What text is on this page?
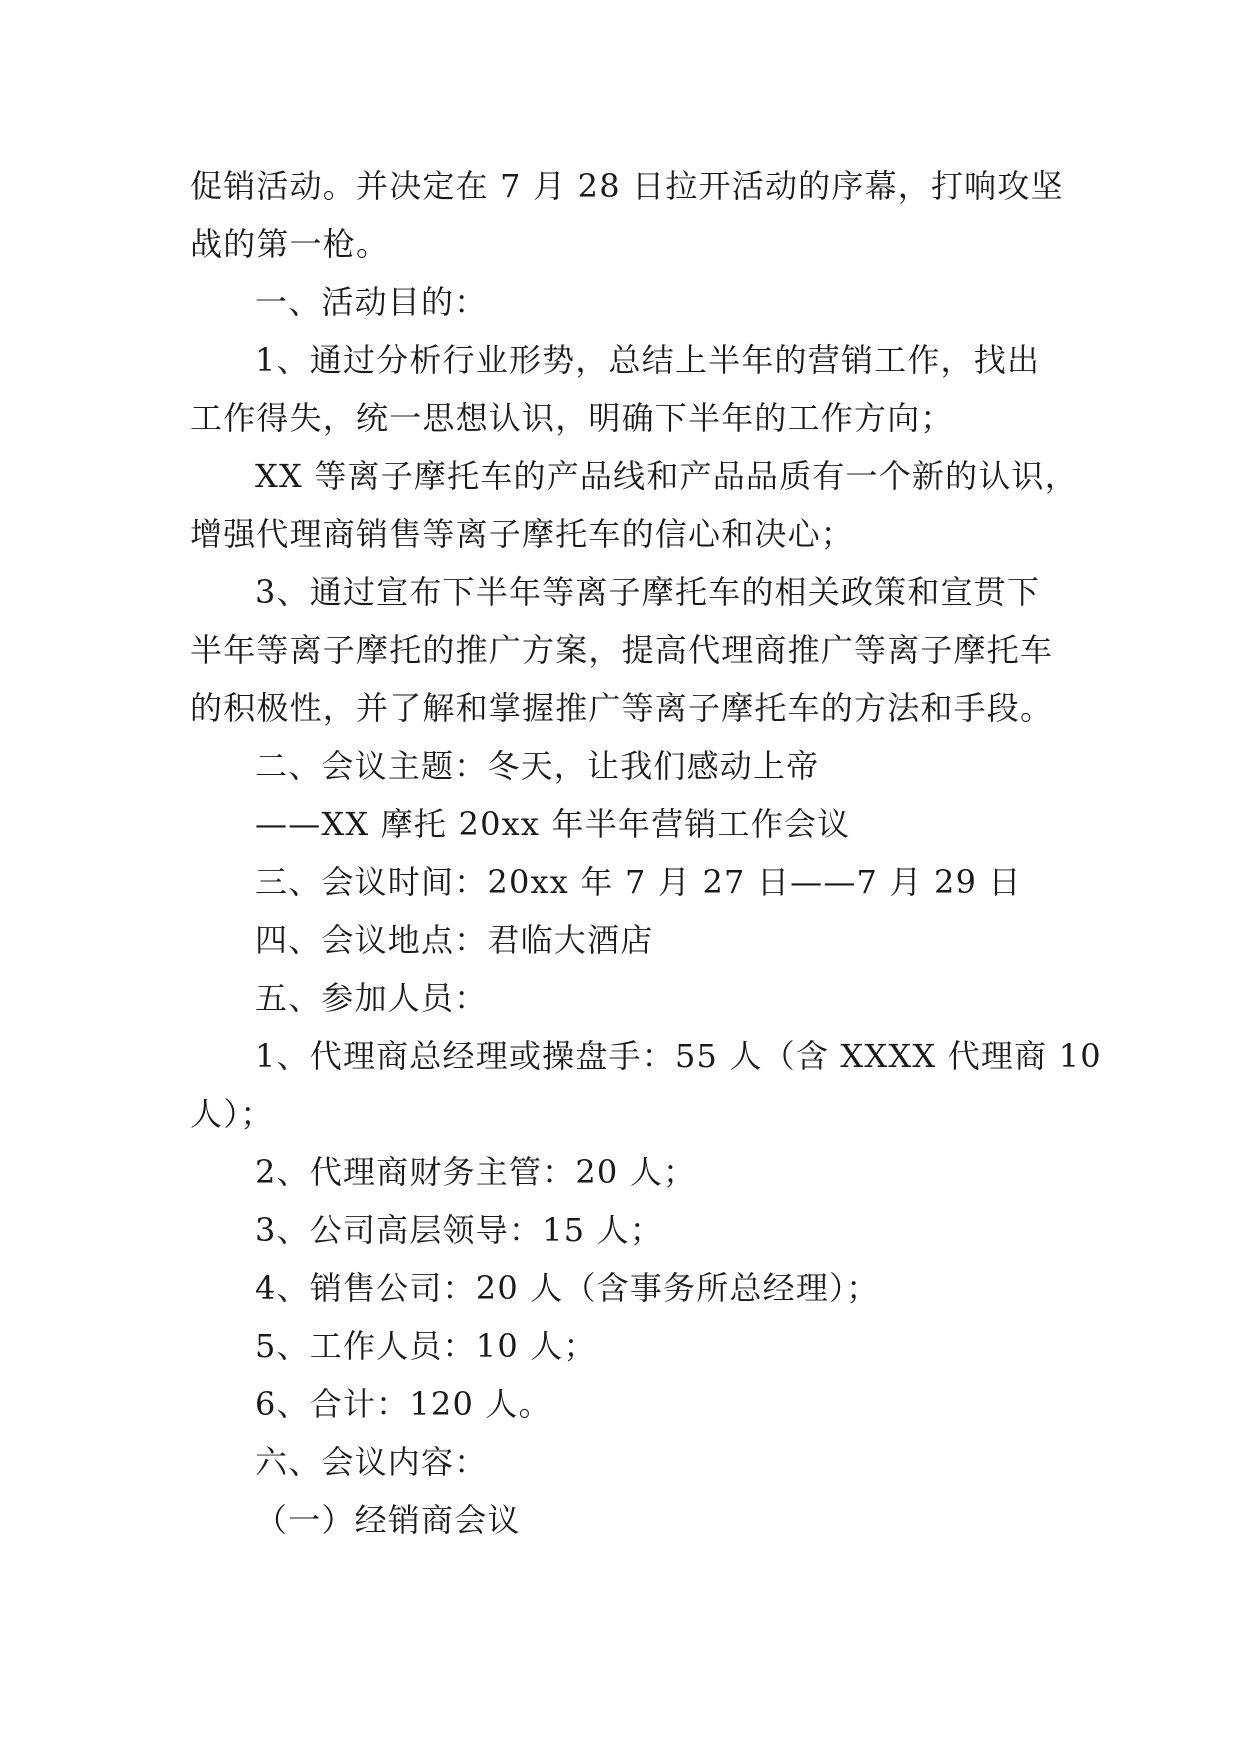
促销活动。并决定在 7 月 28 日拉开活动的序幕，打响攻坚
战的第一枪。
一、活动目的：
1、通过分析行业形势，总结上半年的营销工作，找出
工作得失，统一思想认识，明确下半年的工作方向；
XX 等离子摩托车的产品线和产品品质有一个新的认识，
增强代理商销售等离子摩托车的信心和决心；
3、通过宣布下半年等离子摩托车的相关政策和宣贯下
半年等离子摩托的推广方案，提高代理商推广等离子摩托车
的积极性，并了解和掌握推广等离子摩托车的方法和手段。
二、会议主题：冬天，让我们感动上帝
——XX 摩托 20xx 年半年营销工作会议
三、会议时间：20xx 年 7 月 27 日——7 月 29 日
四、会议地点：君临大酒店
五、参加人员：
1、代理商总经理或操盘手：55 人（含 XXXX 代理商 10
人）；
2、代理商财务主管：20 人；
3、公司高层领导：15 人；
4、销售公司：20 人（含事务所总经理）；
5、工作人员：10 人；
6、合计：120 人。
六、会议内容：
（一）经销商会议
